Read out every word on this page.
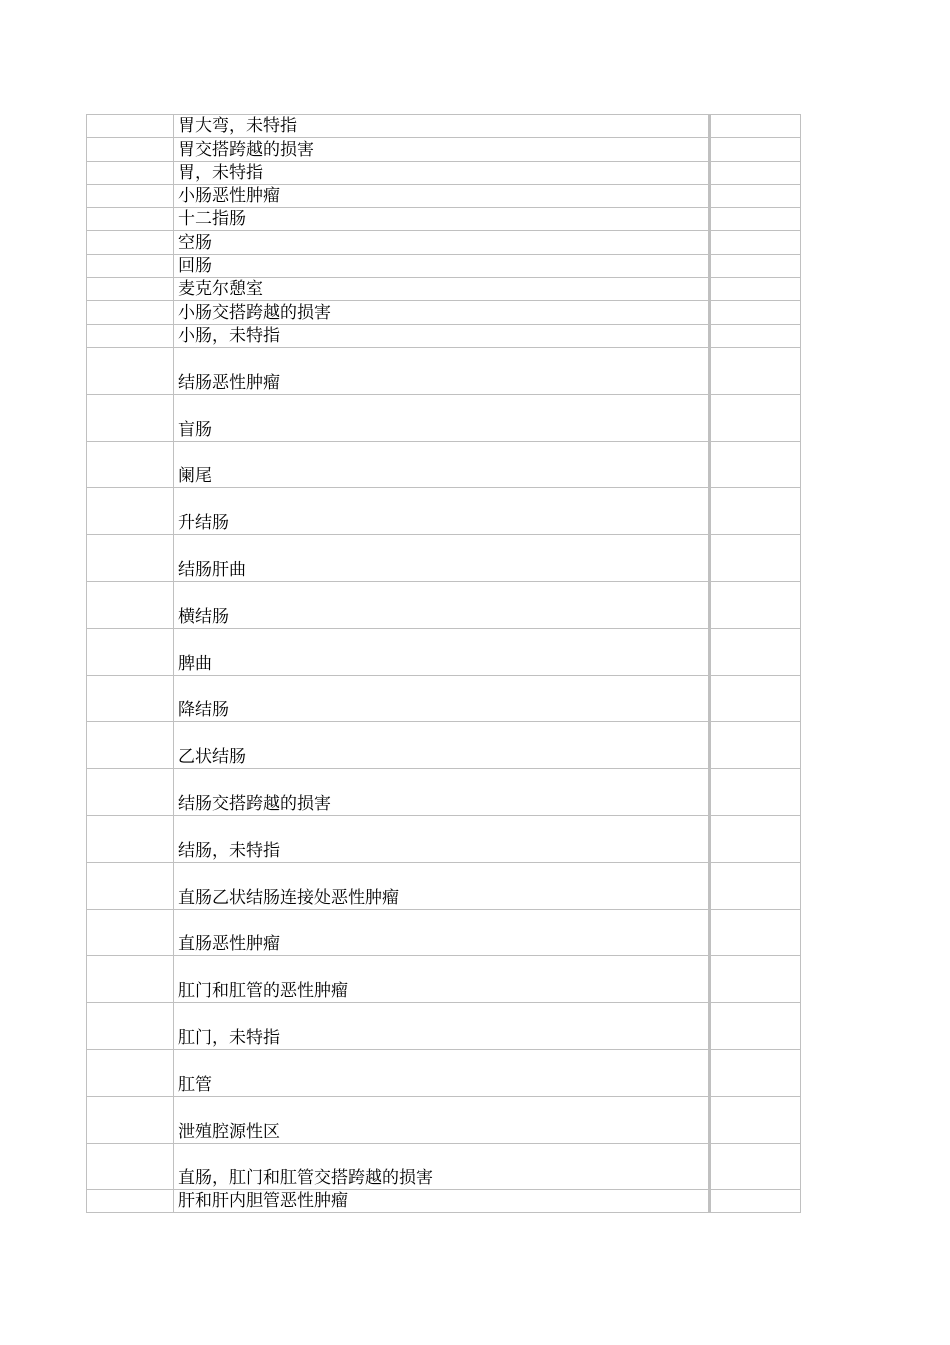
胃大弯，未特指
胃交搭跨越的损害
胃，未特指
小肠恶性肿瘤
十二指肠
空肠
回肠
麦克尔憩室
小肠交搭跨越的损害
小肠，未特指
结肠恶性肿瘤
盲肠
阑尾
升结肠
结肠肝曲
横结肠
脾曲
降结肠
乙状结肠
结肠交搭跨越的损害
结肠，未特指
直肠乙状结肠连接处恶性肿瘤
直肠恶性肿瘤
肛门和肛管的恶性肿瘤
肛门，未特指
肛管
泄殖腔源性区
直肠，肛门和肛管交搭跨越的损害
肝和肝内胆管恶性肿瘤
